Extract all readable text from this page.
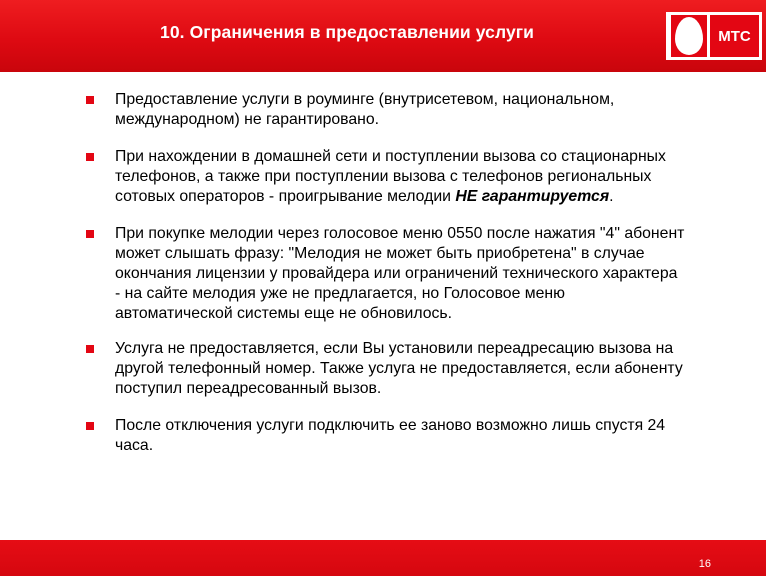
10. Ограничения в предоставлении услуги	МТС
Предоставление услуги в роуминге (внутрисетевом, национальном, международном) не гарантировано.
При нахождении в домашней сети и поступлении вызова со стационарных телефонов, а также при поступлении вызова с телефонов региональных сотовых операторов - проигрывание мелодии НЕ гарантируется.
При покупке мелодии через голосовое меню 0550 после нажатия "4" абонент может слышать фразу: "Мелодия не может быть приобретена" в случае окончания лицензии у провайдера или ограничений технического характера - на сайте мелодия уже не предлагается, но Голосовое меню автоматической системы еще не обновилось.
Услуга не предоставляется, если Вы установили переадресацию вызова на другой телефонный номер. Также услуга не предоставляется, если абоненту поступил переадресованный вызов.
После отключения услуги подключить ее заново возможно лишь спустя 24 часа.
16
